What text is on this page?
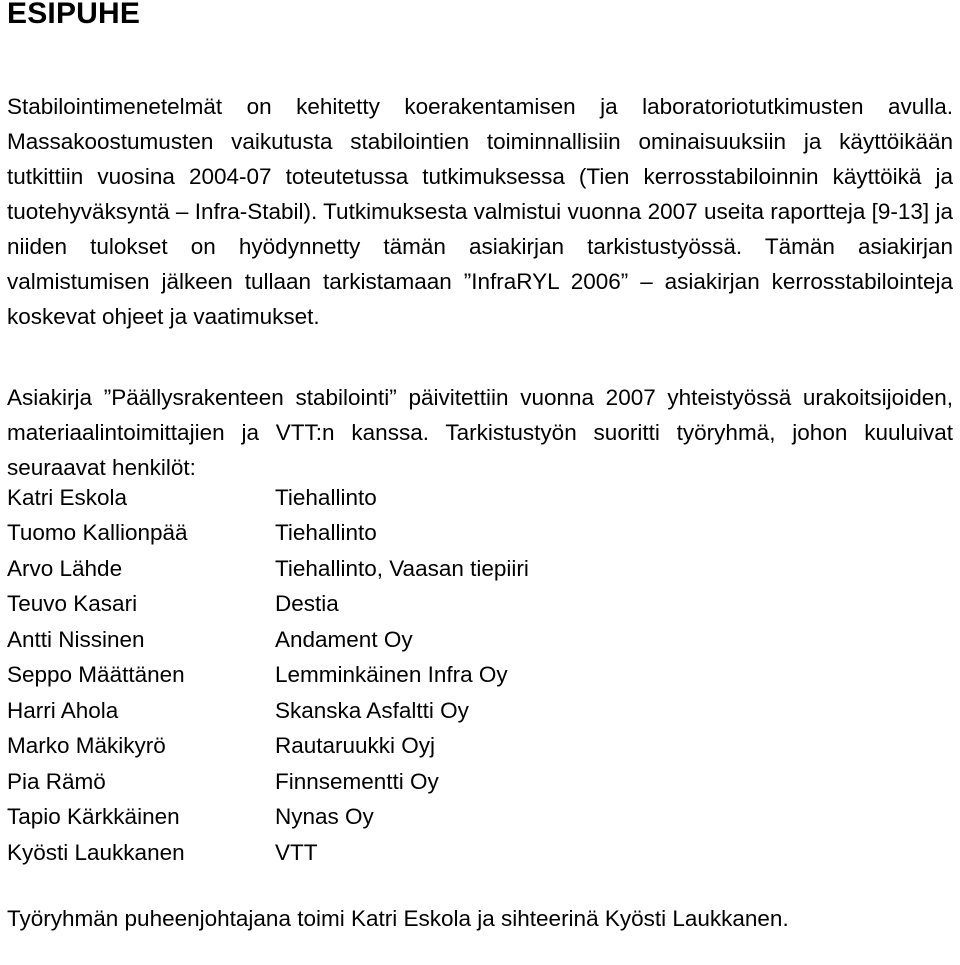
ESIPUHE

Stabilointimenetelmät on kehitetty koerakentamisen ja laboratoriotutkimusten avulla. Massakoostumusten vaikutusta stabilointien toiminnallisiin ominaisuuksiin ja käyttöikään tutkittiin vuosina 2004-07 toteutetussa tutkimuksessa (Tien kerrosstabiloinnin käyttöikä ja tuotehyväksyntä – Infra-Stabil). Tutkimuksesta valmistui vuonna 2007 useita raportteja [9-13] ja niiden tulokset on hyödynnetty tämän asiakirjan tarkistustyössä. Tämän asiakirjan valmistumisen jälkeen tullaan tarkistamaan ”InfraRYL 2006” – asiakirjan kerrosstabilointeja koskevat ohjeet ja vaatimukset.

Asiakirja ”Päällysrakenteen stabilointi” päivitettiin vuonna 2007 yhteistyössä urakoitsijoiden, materiaalintoimittajien ja VTT:n kanssa. Tarkistustyön suoritti työryhmä, johon kuuluivat seuraavat henkilöt:

Katri Eskola	Tiehallinto
Tuomo Kallionpää	Tiehallinto
Arvo Lähde	Tiehallinto, Vaasan tiepiiri
Teuvo Kasari	Destia
Antti Nissinen	Andament Oy
Seppo Määttänen	Lemminkäinen Infra Oy
Harri Ahola	Skanska Asfaltti Oy
Marko Mäkikyrö	Rautaruukki Oyj
Pia Rämö	Finnsementti Oy
Tapio Kärkkäinen	Nynas Oy
Kyösti Laukkanen	VTT

Työryhmän puheenjohtajana toimi Katri Eskola ja sihteerinä Kyösti Laukkanen.
